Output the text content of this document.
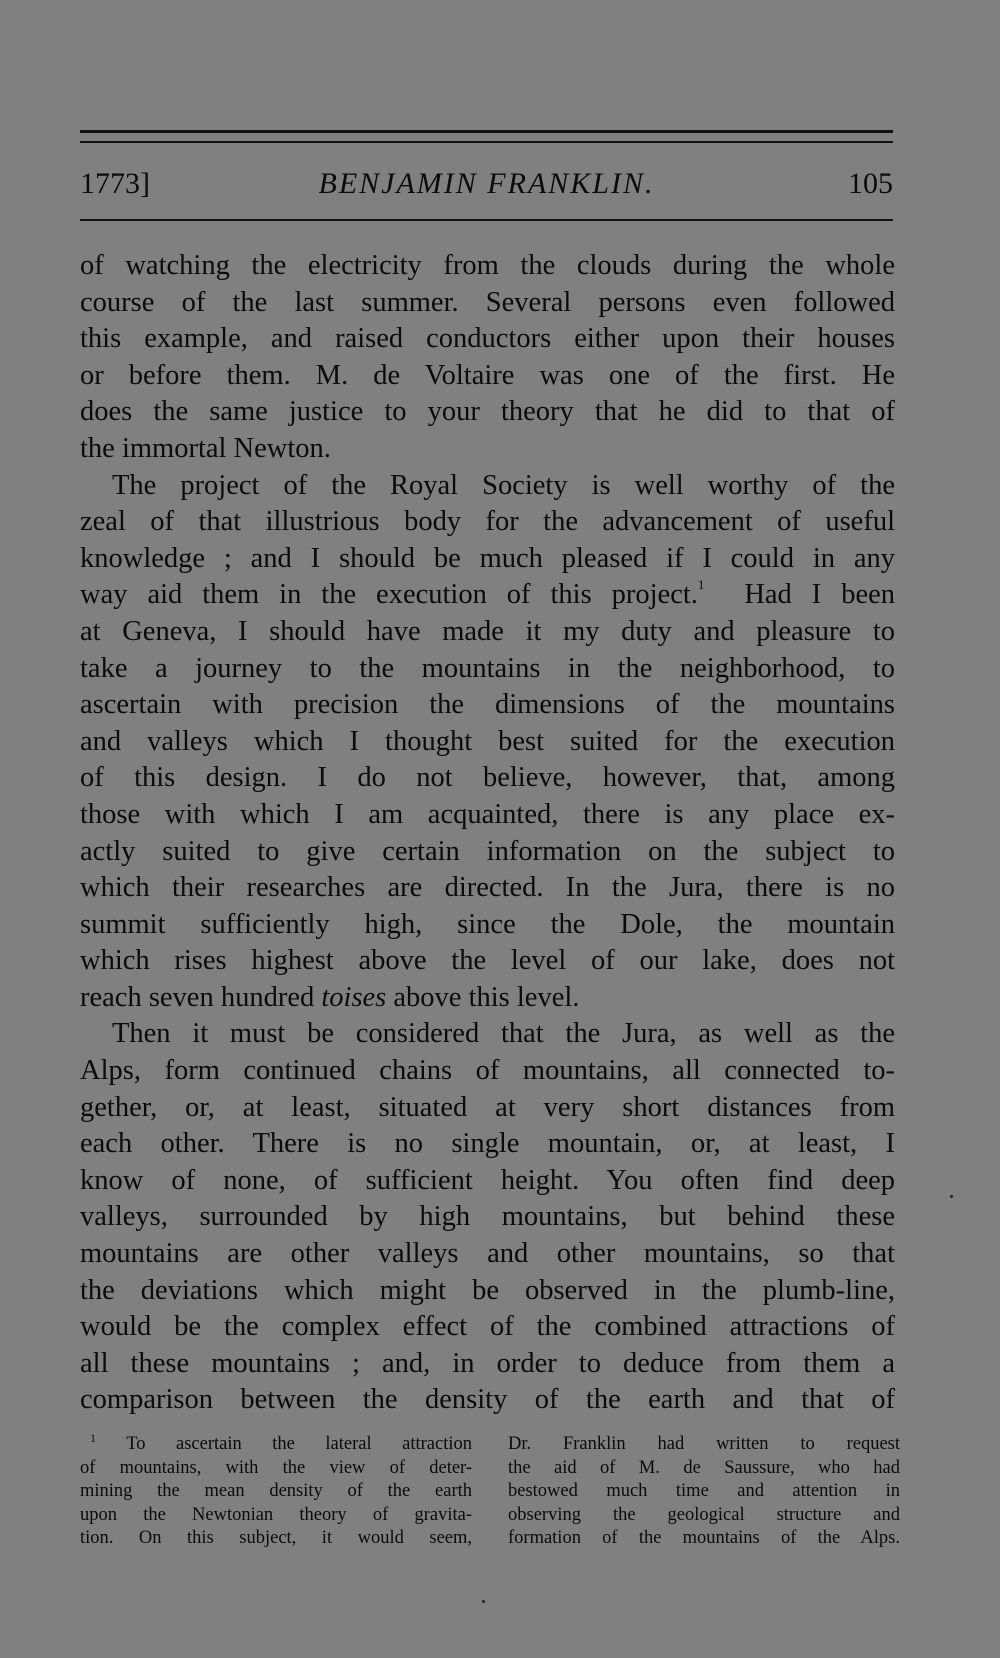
1773]	BENJAMIN FRANKLIN.	105

of watching the electricity from the clouds during the whole
course of the last summer. Several persons even followed
this example, and raised conductors either upon their houses
or before them. M. de Voltaire was one of the first. He
does the same justice to your theory that he did to that of
the immortal Newton.

The project of the Royal Society is well worthy of the
zeal of that illustrious body for the advancement of useful
knowledge ; and I should be much pleased if I could in any
way aid them in the execution of this project.$^1$ Had I been
at Geneva, I should have made it my duty and pleasure to
take a journey to the mountains in the neighborhood, to
ascertain with precision the dimensions of the mountains
and valleys which I thought best suited for the execution
of this design. I do not believe, however, that, among
those with which I am acquainted, there is any place ex-
actly suited to give certain information on the subject to
which their researches are directed. In the Jura, there is no
summit sufficiently high, since the Dole, the mountain
which rises highest above the level of our lake, does not
reach seven hundred toises above this level.

Then it must be considered that the Jura, as well as the
Alps, form continued chains of mountains, all connected to-
gether, or, at least, situated at very short distances from
each other. There is no single mountain, or, at least, I
know of none, of sufficient height. You often find deep
valleys, surrounded by high mountains, but behind these
mountains are other valleys and other mountains, so that
the deviations which might be observed in the plumb-line,
would be the complex effect of the combined attractions of
all these mountains ; and, in order to deduce from them a
comparison between the density of the earth and that of

$^1$ To ascertain the lateral attraction
of mountains, with the view of deter-
mining the mean density of the earth
upon the Newtonian theory of gravita-
tion. On this subject, it would seem,
Dr. Franklin had written to request
the aid of M. de Saussure, who had
bestowed much time and attention in
observing the geological structure and
formation of the mountains of the Alps.
